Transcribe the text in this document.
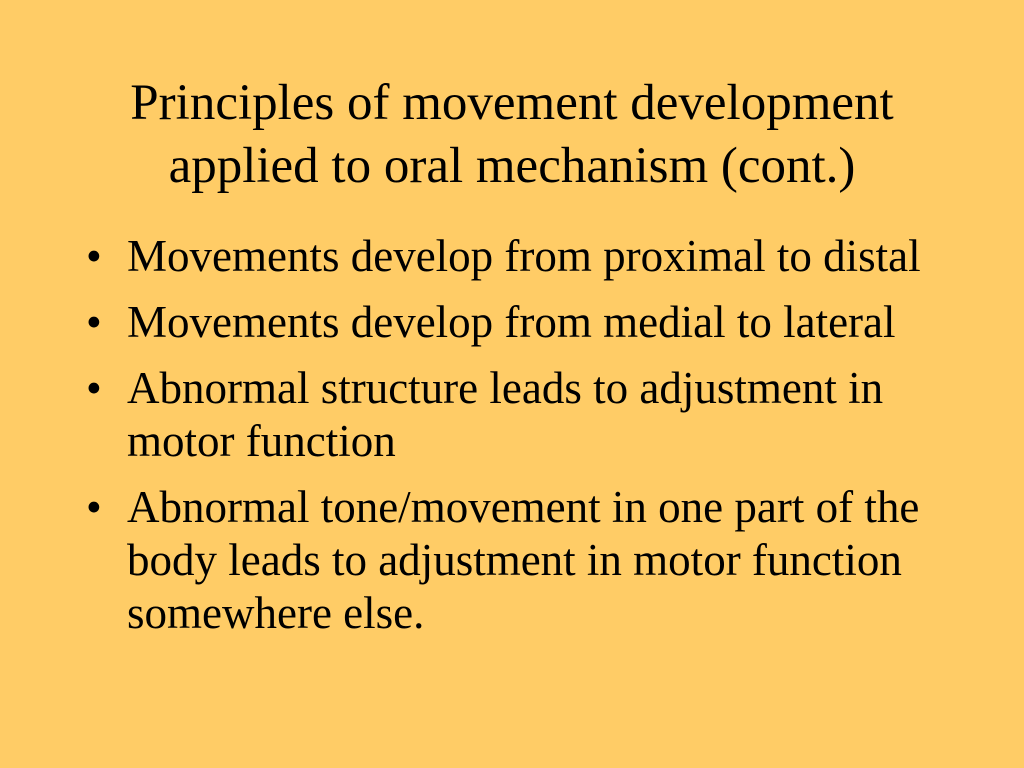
Principles of movement development applied to oral mechanism (cont.)
• Movements develop from proximal to distal
• Movements develop from medial to lateral
• Abnormal structure leads to adjustment in motor function
• Abnormal tone/movement in one part of the body leads to adjustment in motor function somewhere else.
